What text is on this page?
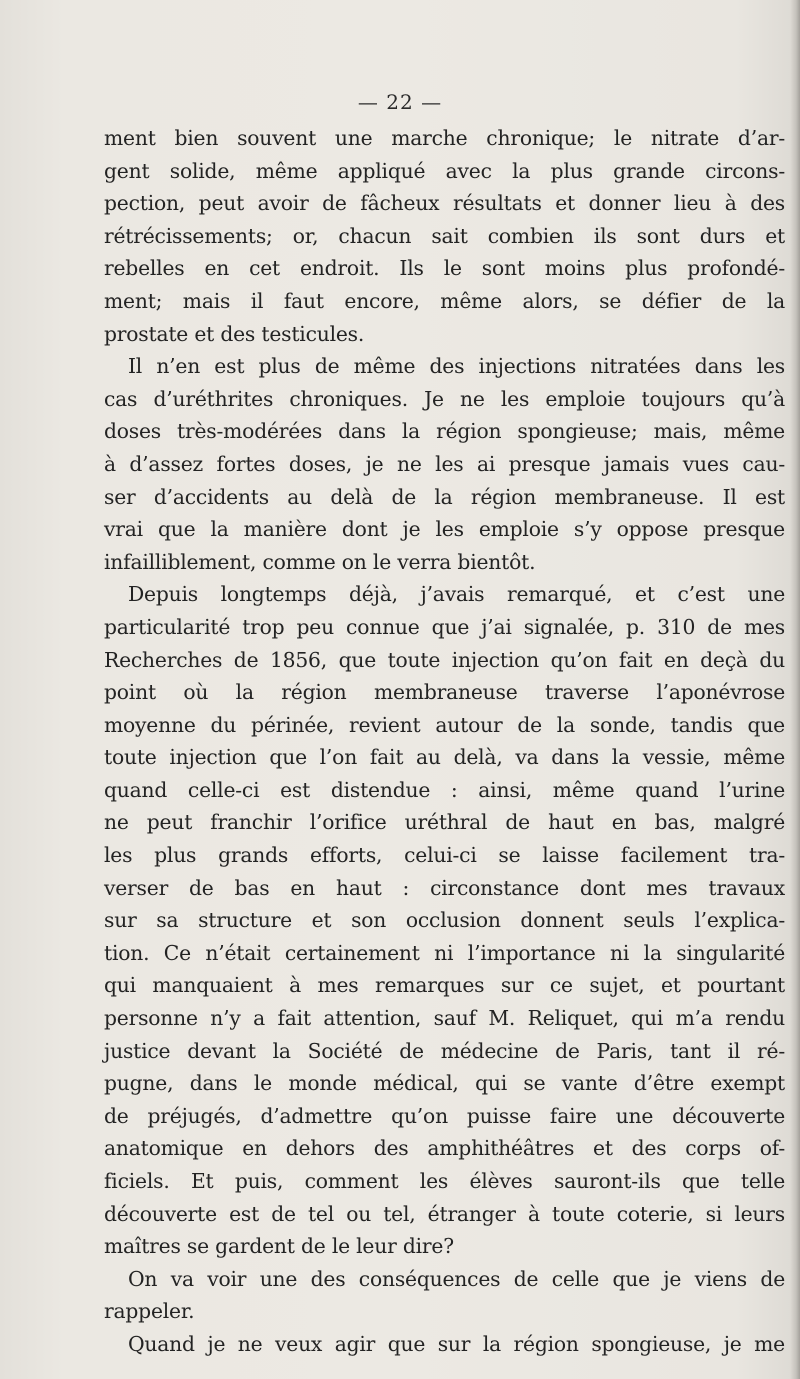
— 22 —
ment bien souvent une marche chronique; le nitrate d’ar-
gent solide, même appliqué avec la plus grande circons-
pection, peut avoir de fâcheux résultats et donner lieu à des
rétrécissements; or, chacun sait combien ils sont durs et
rebelles en cet endroit. Ils le sont moins plus profondé-
ment; mais il faut encore, même alors, se défier de la
prostate et des testicules.
Il n’en est plus de même des injections nitratées dans les
cas d’uréthrites chroniques. Je ne les emploie toujours qu’à
doses très-modérées dans la région spongieuse; mais, même
à d’assez fortes doses, je ne les ai presque jamais vues cau-
ser d’accidents au delà de la région membraneuse. Il est
vrai que la manière dont je les emploie s’y oppose presque
infailliblement, comme on le verra bientôt.
Depuis longtemps déjà, j’avais remarqué, et c’est une
particularité trop peu connue que j’ai signalée, p. 310 de mes
Recherches de 1856, que toute injection qu’on fait en deçà du
point où la région membraneuse traverse l’aponévrose
moyenne du périnée, revient autour de la sonde, tandis que
toute injection que l’on fait au delà, va dans la vessie, même
quand celle-ci est distendue : ainsi, même quand l’urine
ne peut franchir l’orifice uréthral de haut en bas, malgré
les plus grands efforts, celui-ci se laisse facilement tra-
verser de bas en haut : circonstance dont mes travaux
sur sa structure et son occlusion donnent seuls l’explica-
tion. Ce n’était certainement ni l’importance ni la singularité
qui manquaient à mes remarques sur ce sujet, et pourtant
personne n’y a fait attention, sauf M. Reliquet, qui m’a rendu
justice devant la Société de médecine de Paris, tant il ré-
pugne, dans le monde médical, qui se vante d’être exempt
de préjugés, d’admettre qu’on puisse faire une découverte
anatomique en dehors des amphithéâtres et des corps of-
ficiels. Et puis, comment les élèves sauront-ils que telle
découverte est de tel ou tel, étranger à toute coterie, si leurs
maîtres se gardent de le leur dire?
On va voir une des conséquences de celle que je viens de
rappeler.
Quand je ne veux agir que sur la région spongieuse, je me
